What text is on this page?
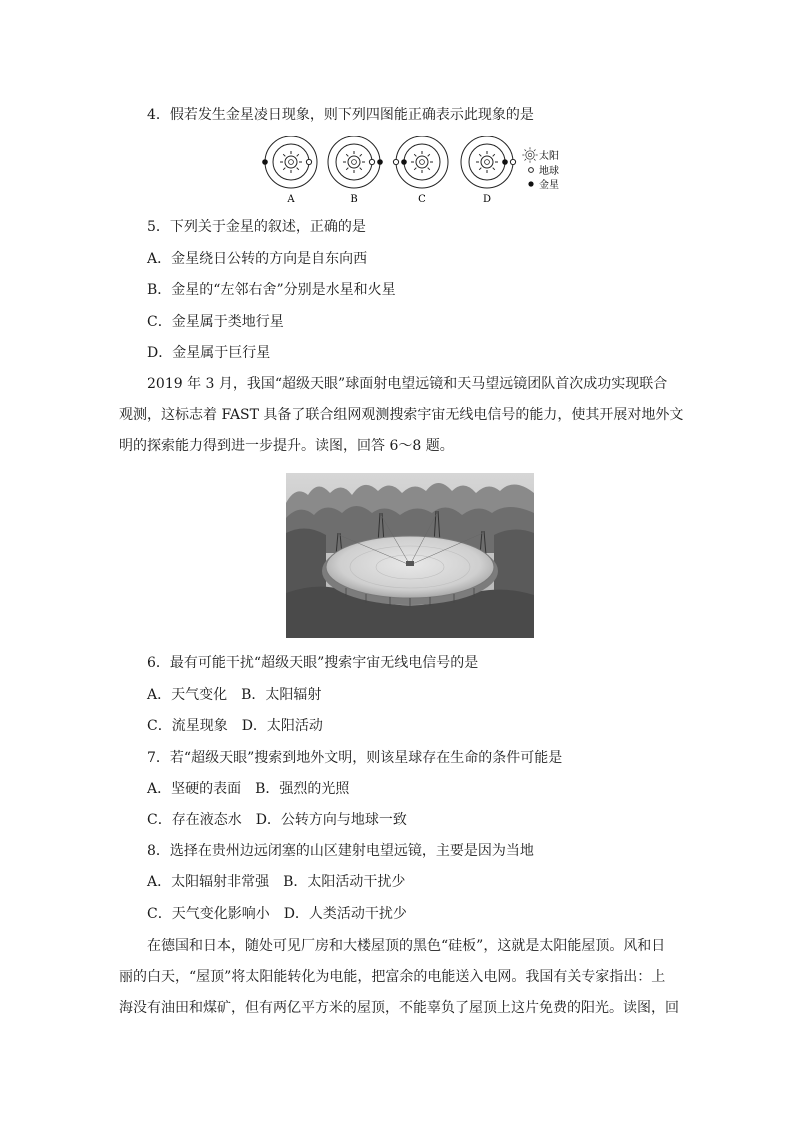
4．假若发生金星凌日现象，则下列四图能正确表示此现象的是
A	B	C	D
太阳
地球
金星
5．下列关于金星的叙述，正确的是
A．金星绕日公转的方向是自东向西
B．金星的“左邻右舍”分别是水星和火星
C．金星属于类地行星
D．金星属于巨行星
2019 年 3 月，我国“超级天眼”球面射电望远镜和天马望远镜团队首次成功实现联合
观测，这标志着 FAST 具备了联合组网观测搜索宇宙无线电信号的能力，使其开展对地外文
明的探索能力得到进一步提升。读图，回答 6～8 题。
6．最有可能干扰“超级天眼”搜索宇宙无线电信号的是
A．天气变化　B．太阳辐射
C．流星现象　D．太阳活动
7．若“超级天眼”搜索到地外文明，则该星球存在生命的条件可能是
A．坚硬的表面　B．强烈的光照
C．存在液态水　D．公转方向与地球一致
8．选择在贵州边远闭塞的山区建射电望远镜，主要是因为当地
A．太阳辐射非常强　B．太阳活动干扰少
C．天气变化影响小　D．人类活动干扰少
在德国和日本，随处可见厂房和大楼屋顶的黑色“硅板”，这就是太阳能屋顶。风和日
丽的白天，“屋顶”将太阳能转化为电能，把富余的电能送入电网。我国有关专家指出：上
海没有油田和煤矿，但有两亿平方米的屋顶，不能辜负了屋顶上这片免费的阳光。读图，回
